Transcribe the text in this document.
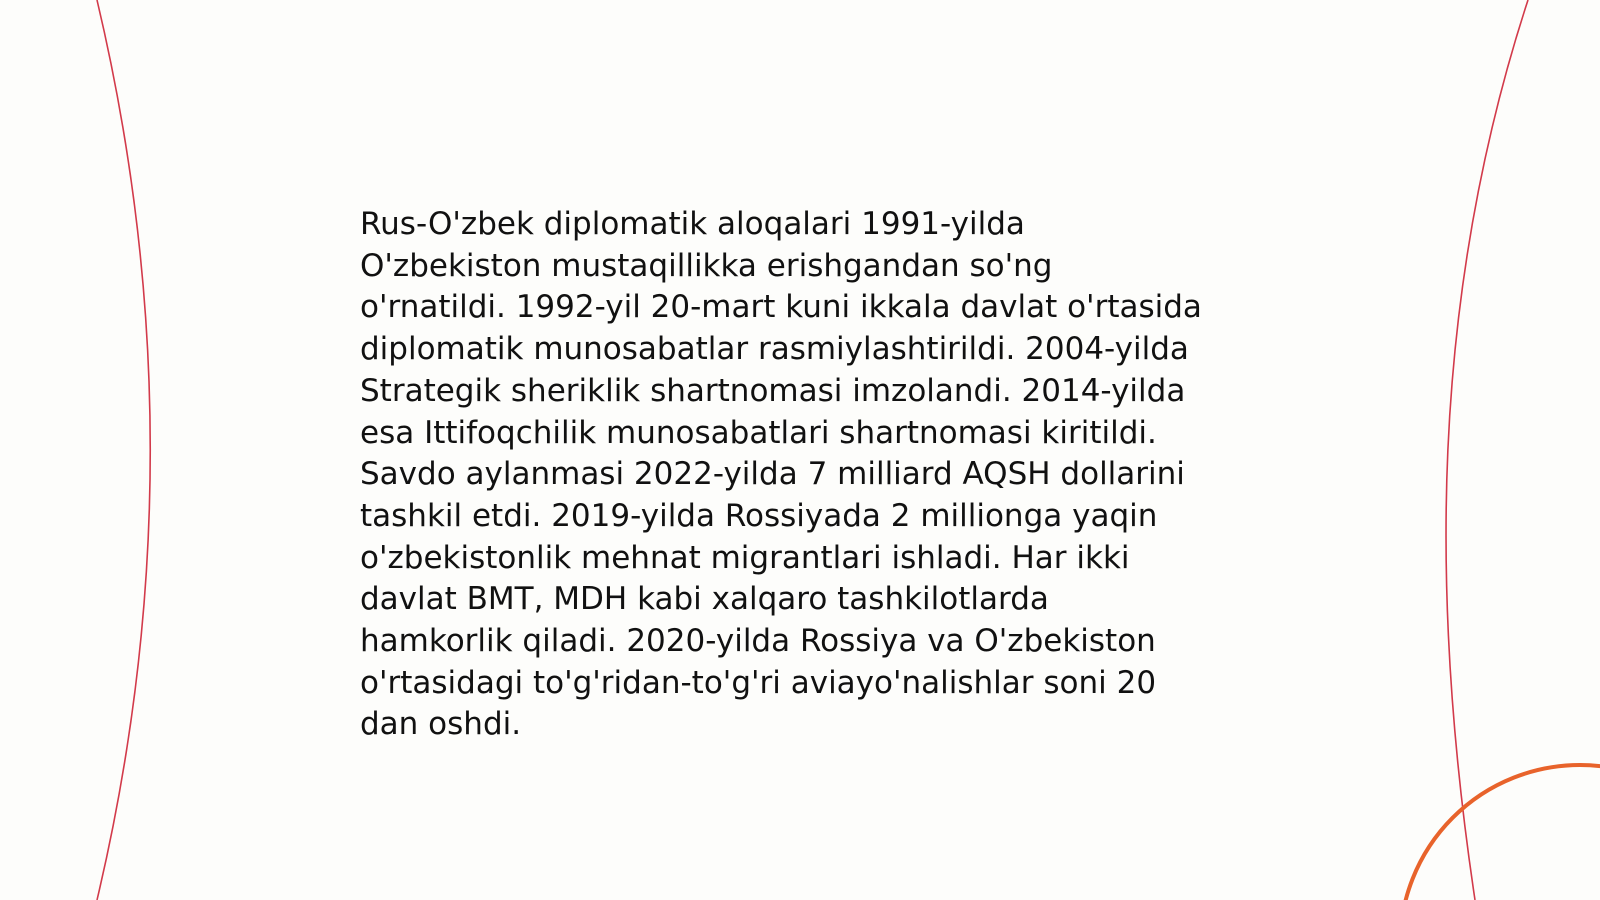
Rus-O'zbek diplomatik aloqalari 1991-yilda
O'zbekiston mustaqillikka erishgandan so'ng
o'rnatildi. 1992-yil 20-mart kuni ikkala davlat o'rtasida
diplomatik munosabatlar rasmiylashtirildi. 2004-yilda
Strategik sheriklik shartnomasi imzolandi. 2014-yilda
esa Ittifoqchilik munosabatlari shartnomasi kiritildi.
Savdo aylanmasi 2022-yilda 7 milliard AQSH dollarini
tashkil etdi. 2019-yilda Rossiyada 2 millionga yaqin
o'zbekistonlik mehnat migrantlari ishladi. Har ikki
davlat BMT, MDH kabi xalqaro tashkilotlarda
hamkorlik qiladi. 2020-yilda Rossiya va O'zbekiston
o'rtasidagi to'g'ridan-to'g'ri aviayo'nalishlar soni 20
dan oshdi.
